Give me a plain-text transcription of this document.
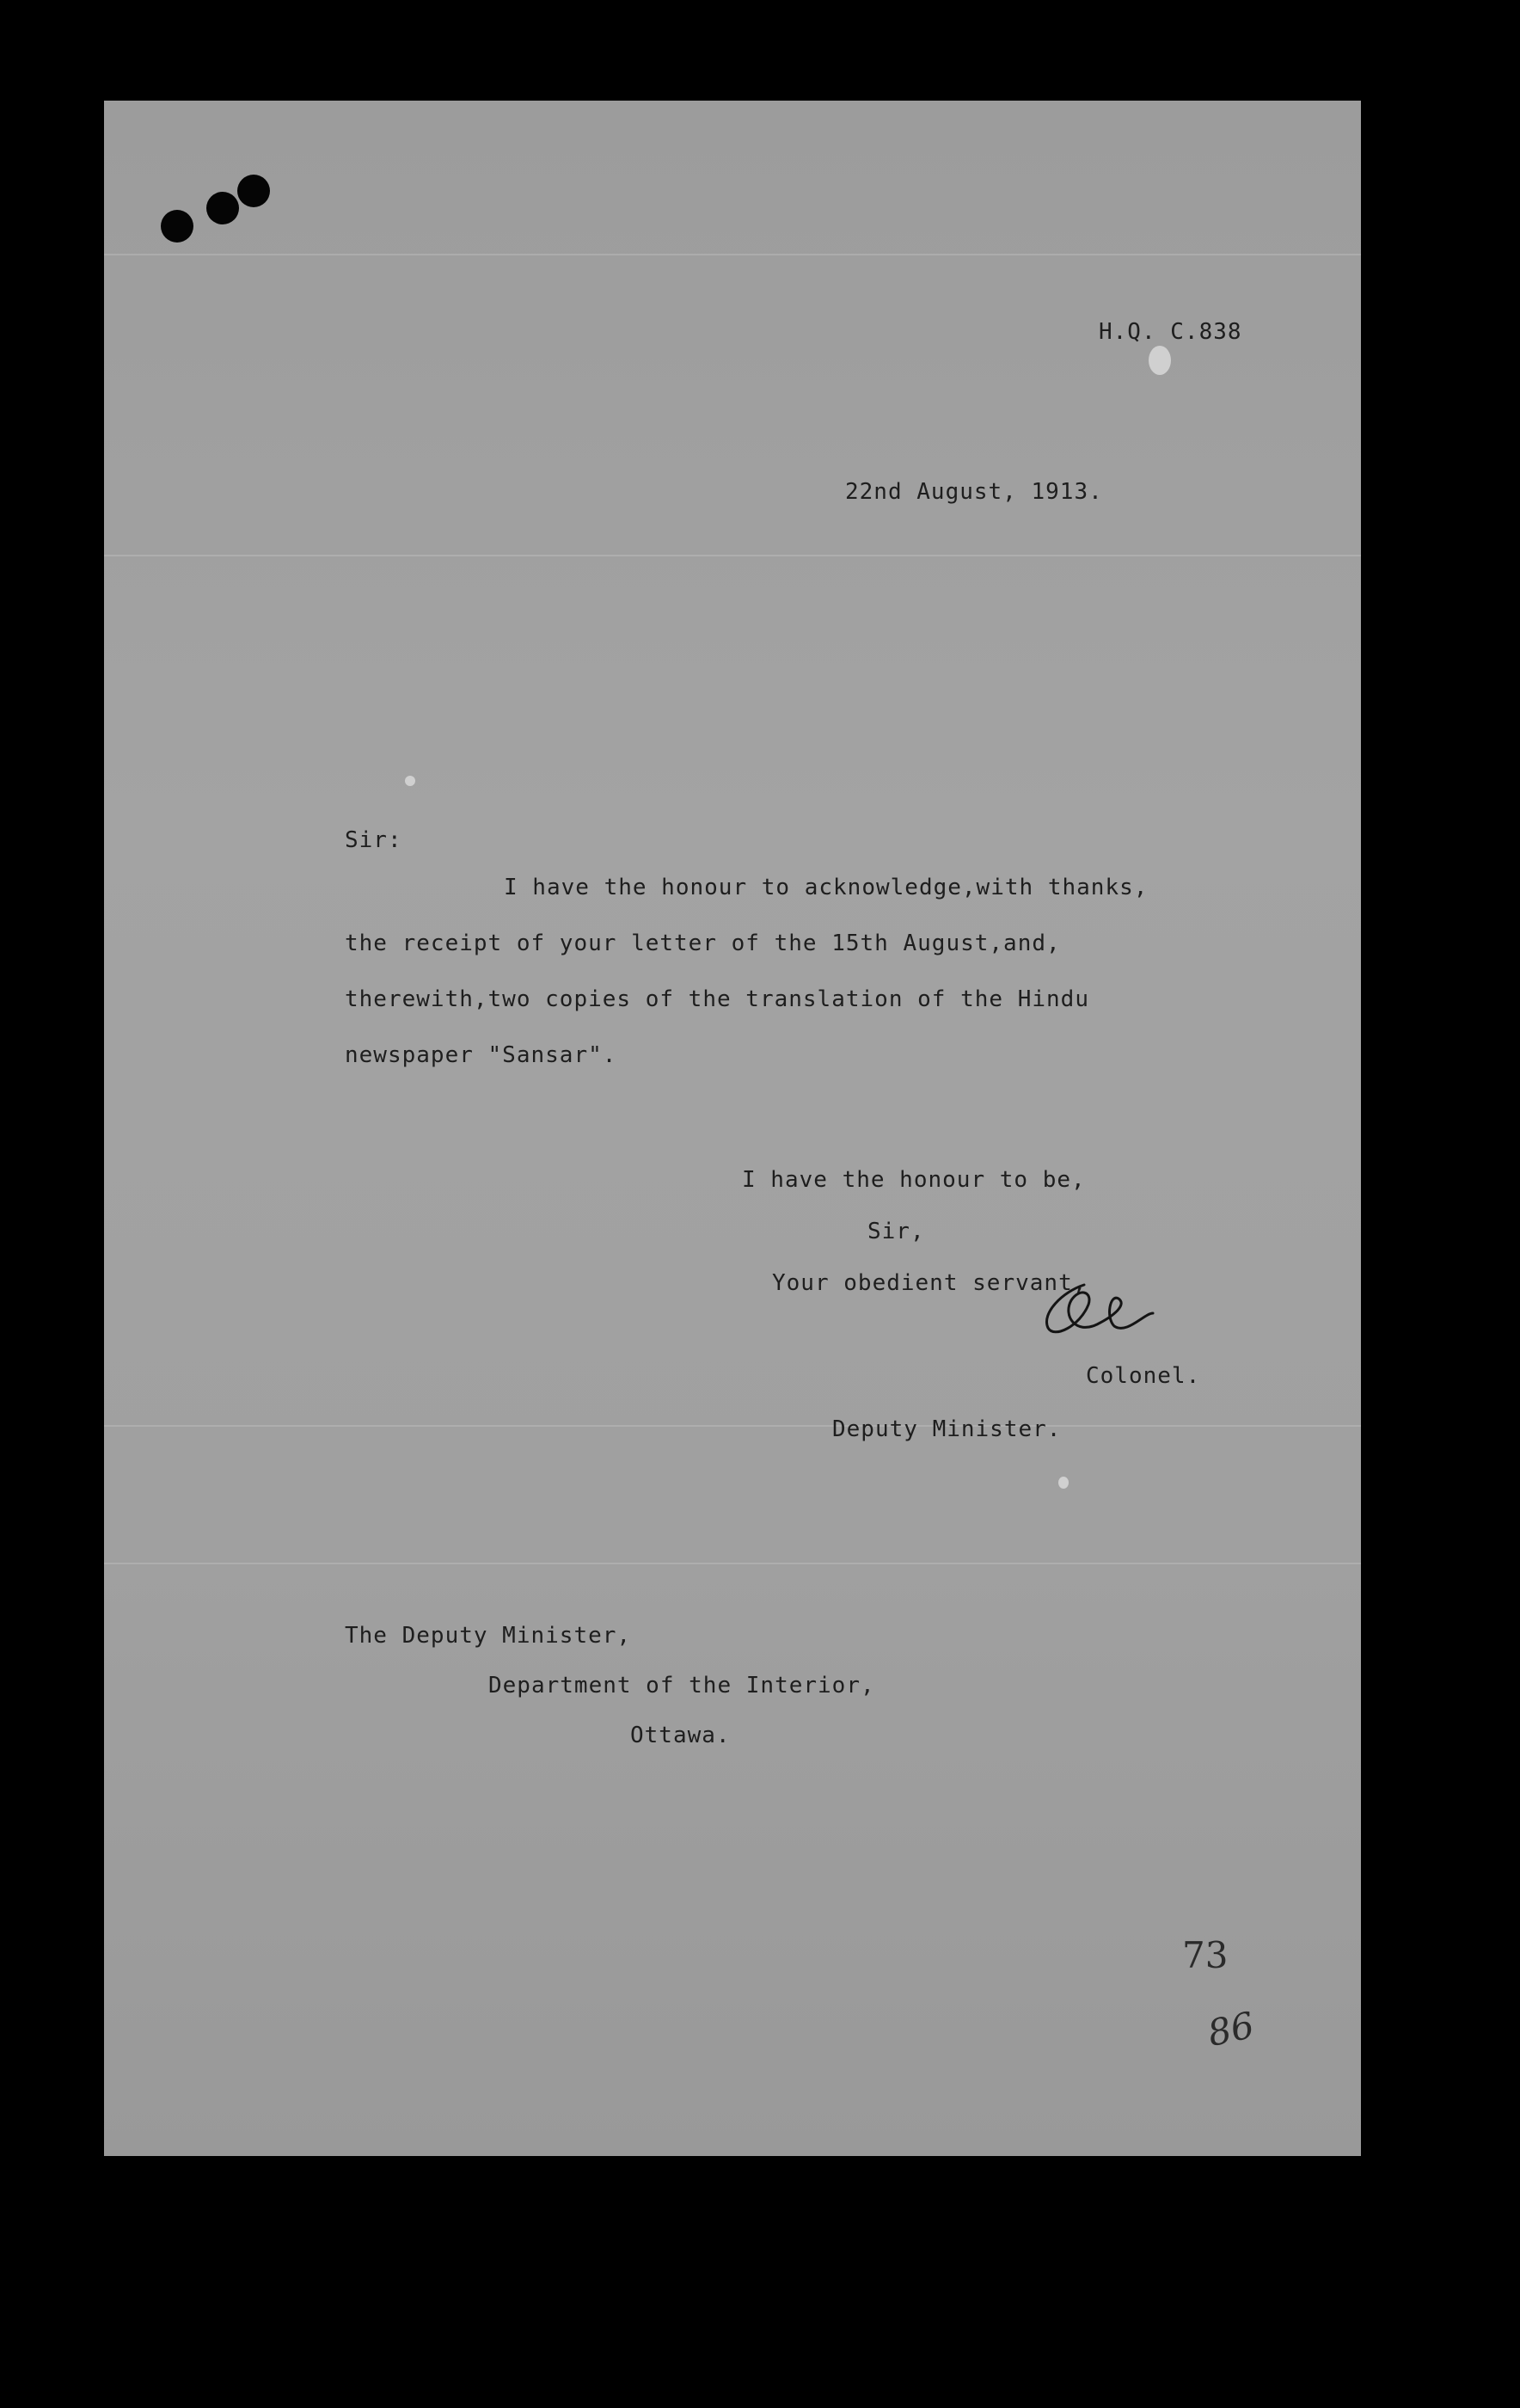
H.Q. C.838
22nd August, 1913.
Sir:
I have the honour to acknowledge,with thanks,
the receipt of your letter of the 15th August,and,
therewith,two copies of the translation of the Hindu
newspaper "Sansar".
I have the honour to be,
Sir,
Your obedient servant,
Colonel.
Deputy Minister.
The Deputy Minister,
Department of the Interior,
Ottawa.
73
86
